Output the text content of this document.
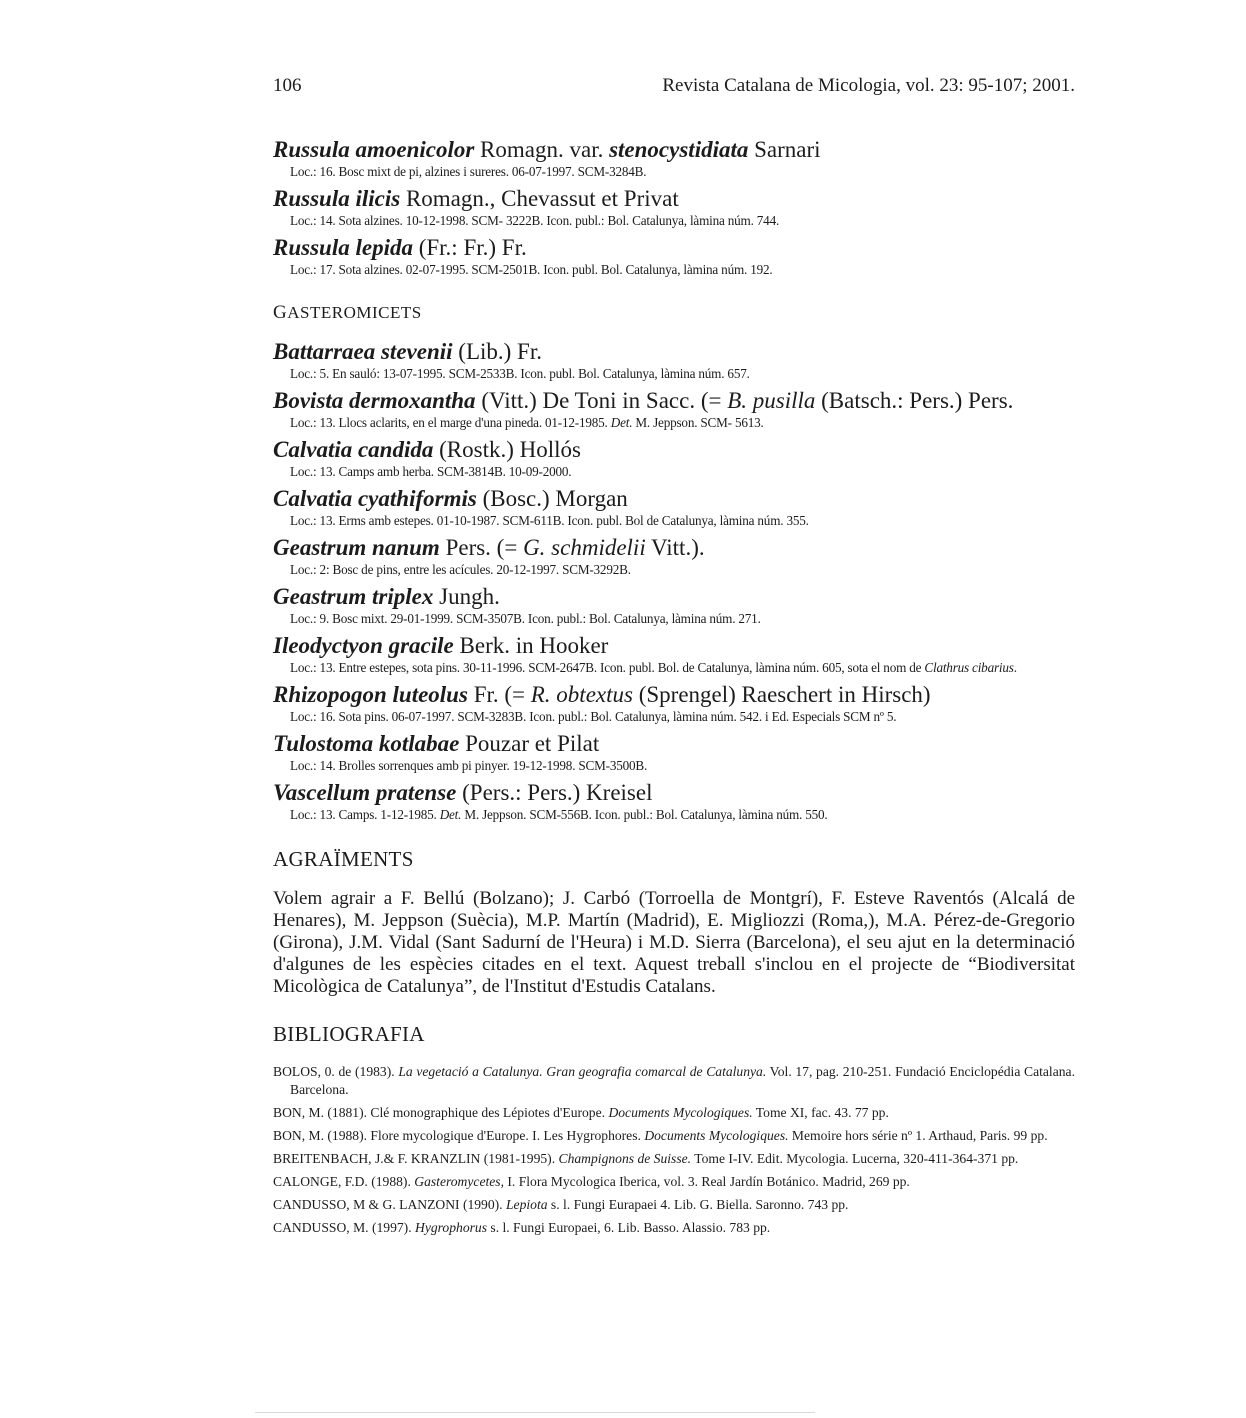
106	Revista Catalana de Micologia, vol. 23: 95-107; 2001.
Russula amoenicolor Romagn. var. stenocystidiata Sarnari
Loc.: 16. Bosc mixt de pi, alzines i sureres. 06-07-1997. SCM-3284B.
Russula ilicis Romagn., Chevassut et Privat
Loc.: 14. Sota alzines. 10-12-1998. SCM- 3222B. Icon. publ.: Bol. Catalunya, làmina núm. 744.
Russula lepida (Fr.: Fr.) Fr.
Loc.: 17. Sota alzines. 02-07-1995. SCM-2501B. Icon. publ. Bol. Catalunya, làmina núm. 192.
GASTEROMICETS
Battarraea stevenii (Lib.) Fr.
Loc.: 5. En sauló: 13-07-1995. SCM-2533B. Icon. publ. Bol. Catalunya, làmina núm. 657.
Bovista dermoxantha (Vitt.) De Toni in Sacc. (= B. pusilla (Batsch.: Pers.) Pers.
Loc.: 13. Llocs aclarits, en el marge d'una pineda. 01-12-1985. Det. M. Jeppson. SCM- 5613.
Calvatia candida (Rostk.) Hollós
Loc.: 13. Camps amb herba. SCM-3814B. 10-09-2000.
Calvatia cyathiformis (Bosc.) Morgan
Loc.: 13. Erms amb estepes. 01-10-1987. SCM-611B. Icon. publ. Bol de Catalunya, làmina núm. 355.
Geastrum nanum Pers. (= G. schmidelii Vitt.).
Loc.: 2: Bosc de pins, entre les acícules. 20-12-1997. SCM-3292B.
Geastrum triplex Jungh.
Loc.: 9. Bosc mixt. 29-01-1999. SCM-3507B. Icon. publ.: Bol. Catalunya, làmina núm. 271.
Ileodyctyon gracile Berk. in Hooker
Loc.: 13. Entre estepes, sota pins. 30-11-1996. SCM-2647B. Icon. publ. Bol. de Catalunya, làmina núm. 605, sota el nom de Clathrus cibarius.
Rhizopogon luteolus Fr. (= R. obtextus (Sprengel) Raeschert in Hirsch)
Loc.: 16. Sota pins. 06-07-1997. SCM-3283B. Icon. publ.: Bol. Catalunya, làmina núm. 542. i Ed. Especials SCM nº 5.
Tulostoma kotlabae Pouzar et Pilat
Loc.: 14. Brolles sorrenques amb pi pinyer. 19-12-1998. SCM-3500B.
Vascellum pratense (Pers.: Pers.) Kreisel
Loc.: 13. Camps. 1-12-1985. Det. M. Jeppson. SCM-556B. Icon. publ.: Bol. Catalunya, làmina núm. 550.
AGRAÏMENTS

Volem agrair a F. Bellú (Bolzano); J. Carbó (Torroella de Montgrí), F. Esteve Raventós (Alcalá de Henares), M. Jeppson (Suècia), M.P. Martín (Madrid), E. Migliozzi (Roma,), M.A. Pérez-de-Gregorio (Girona), J.M. Vidal (Sant Sadurní de l'Heura) i M.D. Sierra (Barcelona), el seu ajut en la determinació d'algunes de les espècies citades en el text. Aquest treball s'inclou en el projecte de “Biodiversitat Micològica de Catalunya”, de l'Institut d'Estudis Catalans.

BIBLIOGRAFIA

BOLOS, 0. de (1983). La vegetació a Catalunya. Gran geografia comarcal de Catalunya. Vol. 17, pag. 210-251. Fundació Enciclopédia Catalana. Barcelona.

BON, M. (1881). Clé monographique des Lépiotes d'Europe. Documents Mycologiques. Tome XI, fac. 43. 77 pp.

BON, M. (1988). Flore mycologique d'Europe. I. Les Hygrophores. Documents Mycologiques. Memoire hors série nº 1. Arthaud, Paris. 99 pp.

BREITENBACH, J.& F. KRANZLIN (1981-1995). Champignons de Suisse. Tome I-IV. Edit. Mycologia. Lucerna, 320-411-364-371 pp.

CALONGE, F.D. (1988). Gasteromycetes, I. Flora Mycologica Iberica, vol. 3. Real Jardín Botánico. Madrid, 269 pp.

CANDUSSO, M & G. LANZONI (1990). Lepiota s. l. Fungi Eurapaei 4. Lib. G. Biella. Saronno. 743 pp.

CANDUSSO, M. (1997). Hygrophorus s. l. Fungi Europaei, 6. Lib. Basso. Alassio. 783 pp.
